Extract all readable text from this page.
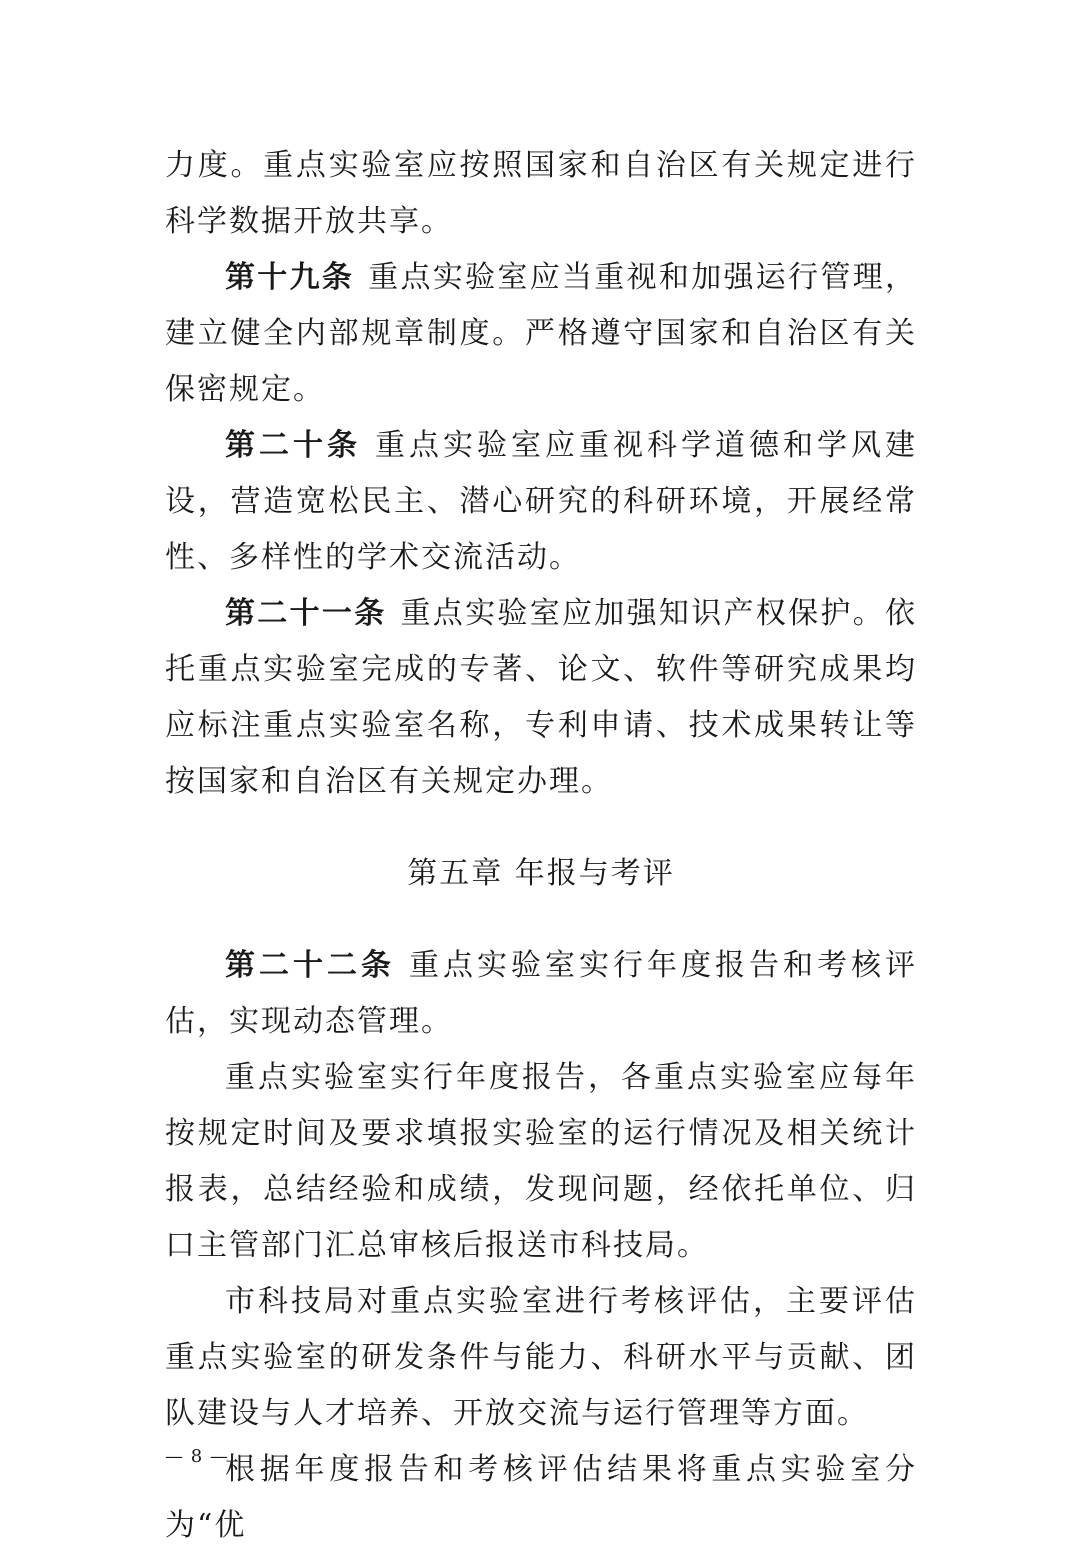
力度。重点实验室应按照国家和自治区有关规定进行科学数据开放共享。

第十九条 重点实验室应当重视和加强运行管理，建立健全内部规章制度。严格遵守国家和自治区有关保密规定。

第二十条 重点实验室应重视科学道德和学风建设，营造宽松民主、潜心研究的科研环境，开展经常性、多样性的学术交流活动。

第二十一条 重点实验室应加强知识产权保护。依托重点实验室完成的专著、论文、软件等研究成果均应标注重点实验室名称，专利申请、技术成果转让等按国家和自治区有关规定办理。

第五章 年报与考评

第二十二条 重点实验室实行年度报告和考核评估，实现动态管理。

重点实验室实行年度报告，各重点实验室应每年按规定时间及要求填报实验室的运行情况及相关统计报表，总结经验和成绩，发现问题，经依托单位、归口主管部门汇总审核后报送市科技局。

市科技局对重点实验室进行考核评估，主要评估重点实验室的研发条件与能力、科研水平与贡献、团队建设与人才培养、开放交流与运行管理等方面。

根据年度报告和考核评估结果将重点实验室分为“优

— 8 —
